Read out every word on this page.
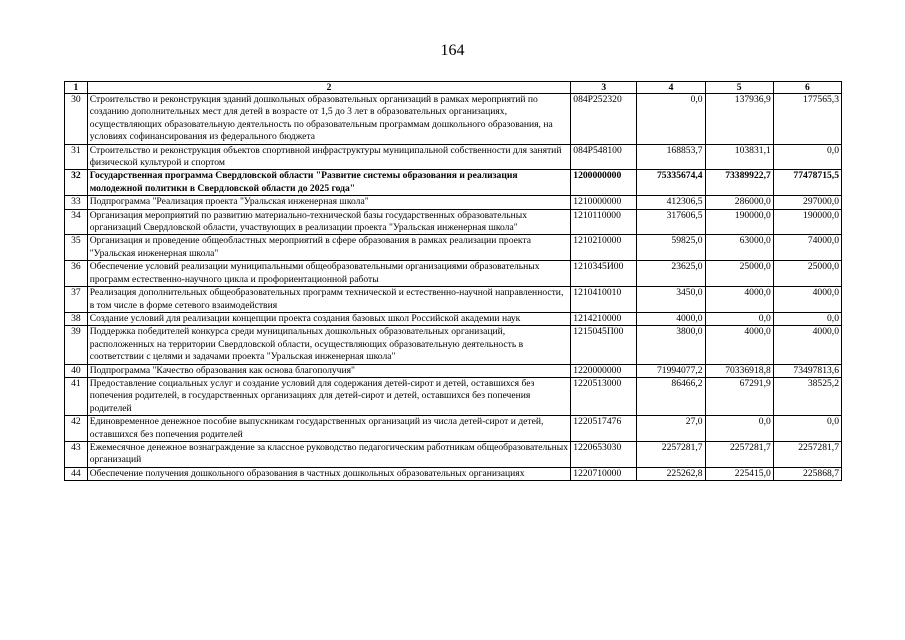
164
1	2	3	4	5	6
30	Строительство и реконструкция зданий дошкольных образовательных организаций в рамках мероприятий по созданию дополнительных мест для детей в возрасте от 1,5 до 3 лет в образовательных организациях, осуществляющих образовательную деятельность по образовательным программам дошкольного образования, на условиях софинансирования из федерального бюджета	084P252320	0,0	137936,9	177565,3
31	Строительство и реконструкция объектов спортивной инфраструктуры муниципальной собственности для занятий физической культурой и спортом	084P548100	168853,7	103831,1	0,0
32	Государственная программа Свердловской области "Развитие системы образования и реализация молодежной политики в Свердловской области до 2025 года"	1200000000	75335674,4	73389922,7	77478715,5
33	Подпрограмма "Реализация проекта "Уральская инженерная школа"	1210000000	412306,5	286000,0	297000,0
34	Организация мероприятий по развитию материально-технической базы государственных образовательных организаций Свердловской области, участвующих в реализации проекта "Уральская инженерная школа"	1210110000	317606,5	190000,0	190000,0
35	Организация и проведение общеобластных мероприятий в сфере образования в рамках реализации проекта "Уральская инженерная школа"	1210210000	59825,0	63000,0	74000,0
36	Обеспечение условий реализации муниципальными общеобразовательными организациями образовательных программ естественно-научного цикла и профориентационной работы	1210345И00	23625,0	25000,0	25000,0
37	Реализация дополнительных общеобразовательных программ технической и естественно-научной направленности, в том числе в форме сетевого взаимодействия	1210410010	3450,0	4000,0	4000,0
38	Создание условий для реализации концепции проекта создания базовых школ Российской академии наук	1214210000	4000,0	0,0	0,0
39	Поддержка победителей конкурса среди муниципальных дошкольных образовательных организаций, расположенных на территории Свердловской области, осуществляющих образовательную деятельность в соответствии с целями и задачами проекта "Уральская инженерная школа"	1215045П00	3800,0	4000,0	4000,0
40	Подпрограмма "Качество образования как основа благополучия"	1220000000	71994077,2	70336918,8	73497813,6
41	Предоставление социальных услуг и создание условий для содержания детей-сирот и детей, оставшихся без попечения родителей, в государственных организациях для детей-сирот и детей, оставшихся без попечения родителей	1220513000	86466,2	67291,9	38525,2
42	Единовременное денежное пособие выпускникам государственных организаций из числа детей-сирот и детей, оставшихся без попечения родителей	1220517476	27,0	0,0	0,0
43	Ежемесячное денежное вознаграждение за классное руководство педагогическим работникам общеобразовательных организаций	1220653030	2257281,7	2257281,7	2257281,7
44	Обеспечение получения дошкольного образования в частных дошкольных образовательных организациях	1220710000	225262,8	225415,0	225868,7
